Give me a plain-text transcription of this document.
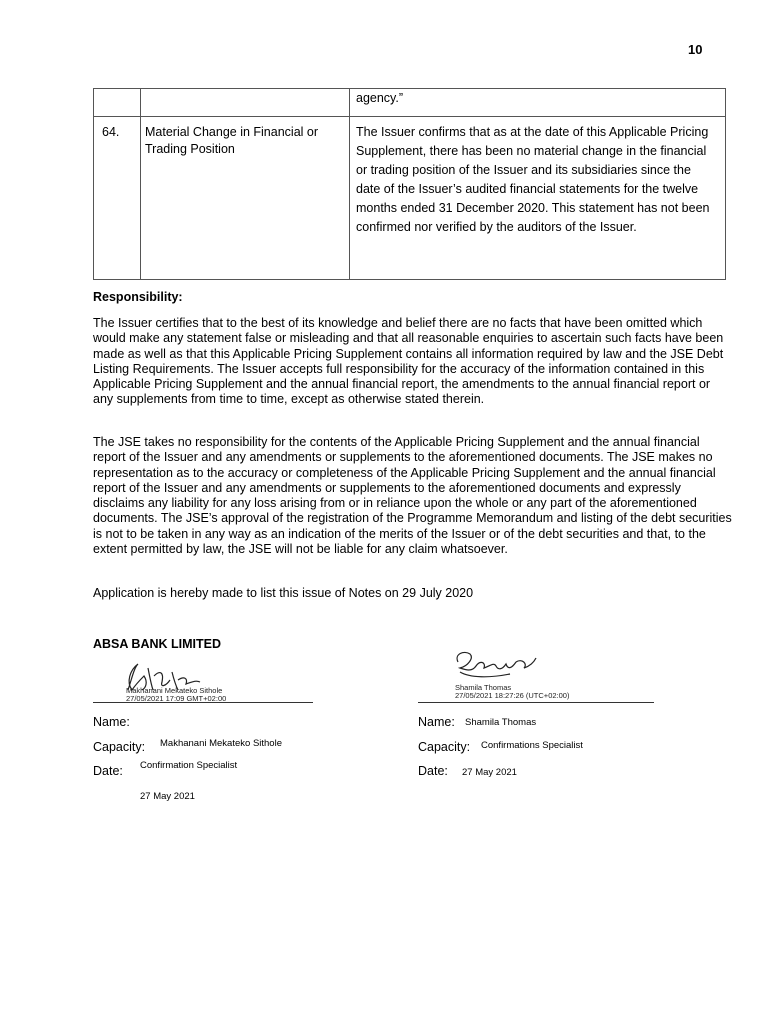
10
		agency.”
64.	Material Change in Financial or Trading Position	The Issuer confirms that as at the date of this Applicable Pricing Supplement, there has been no material change in the financial or trading position of the Issuer and its subsidiaries since the date of the Issuer’s audited financial statements for the twelve months ended 31 December 2020. This statement has not been confirmed nor verified by the auditors of the Issuer.
Responsibility:
The Issuer certifies that to the best of its knowledge and belief there are no facts that have been omitted which would make any statement false or misleading and that all reasonable enquiries to ascertain such facts have been made as well as that this Applicable Pricing Supplement contains all information required by law and the JSE Debt Listing Requirements. The Issuer accepts full responsibility for the accuracy of the information contained in this Applicable Pricing Supplement and the annual financial report, the amendments to the annual financial report or any supplements from time to time, except as otherwise stated therein.
The JSE takes no responsibility for the contents of the Applicable Pricing Supplement and the annual financial report of the Issuer and any amendments or supplements to the aforementioned documents. The JSE makes no representation as to the accuracy or completeness of the Applicable Pricing Supplement and the annual financial report of the Issuer and any amendments or supplements to the aforementioned documents and expressly disclaims any liability for any loss arising from or in reliance upon the whole or any part of the aforementioned documents. The JSE’s approval of the registration of the Programme Memorandum and listing of the debt securities is not to be taken in any way as an indication of the merits of the Issuer or of the debt securities and that, to the extent permitted by law, the JSE will not be liable for any claim whatsoever.
Application is hereby made to list this issue of Notes on 29 July 2020
ABSA BANK LIMITED
Makhanani Mekateko Sithole
27/05/2021 17:09 GMT+02:00
Name:
Capacity: Makhanani Mekateko Sithole
Date: Confirmation Specialist
27 May 2021
Shamila Thomas
27/05/2021 18:27:26 (UTC+02:00)
Name: Shamila Thomas
Capacity: Confirmations Specialist
Date: 27 May 2021
